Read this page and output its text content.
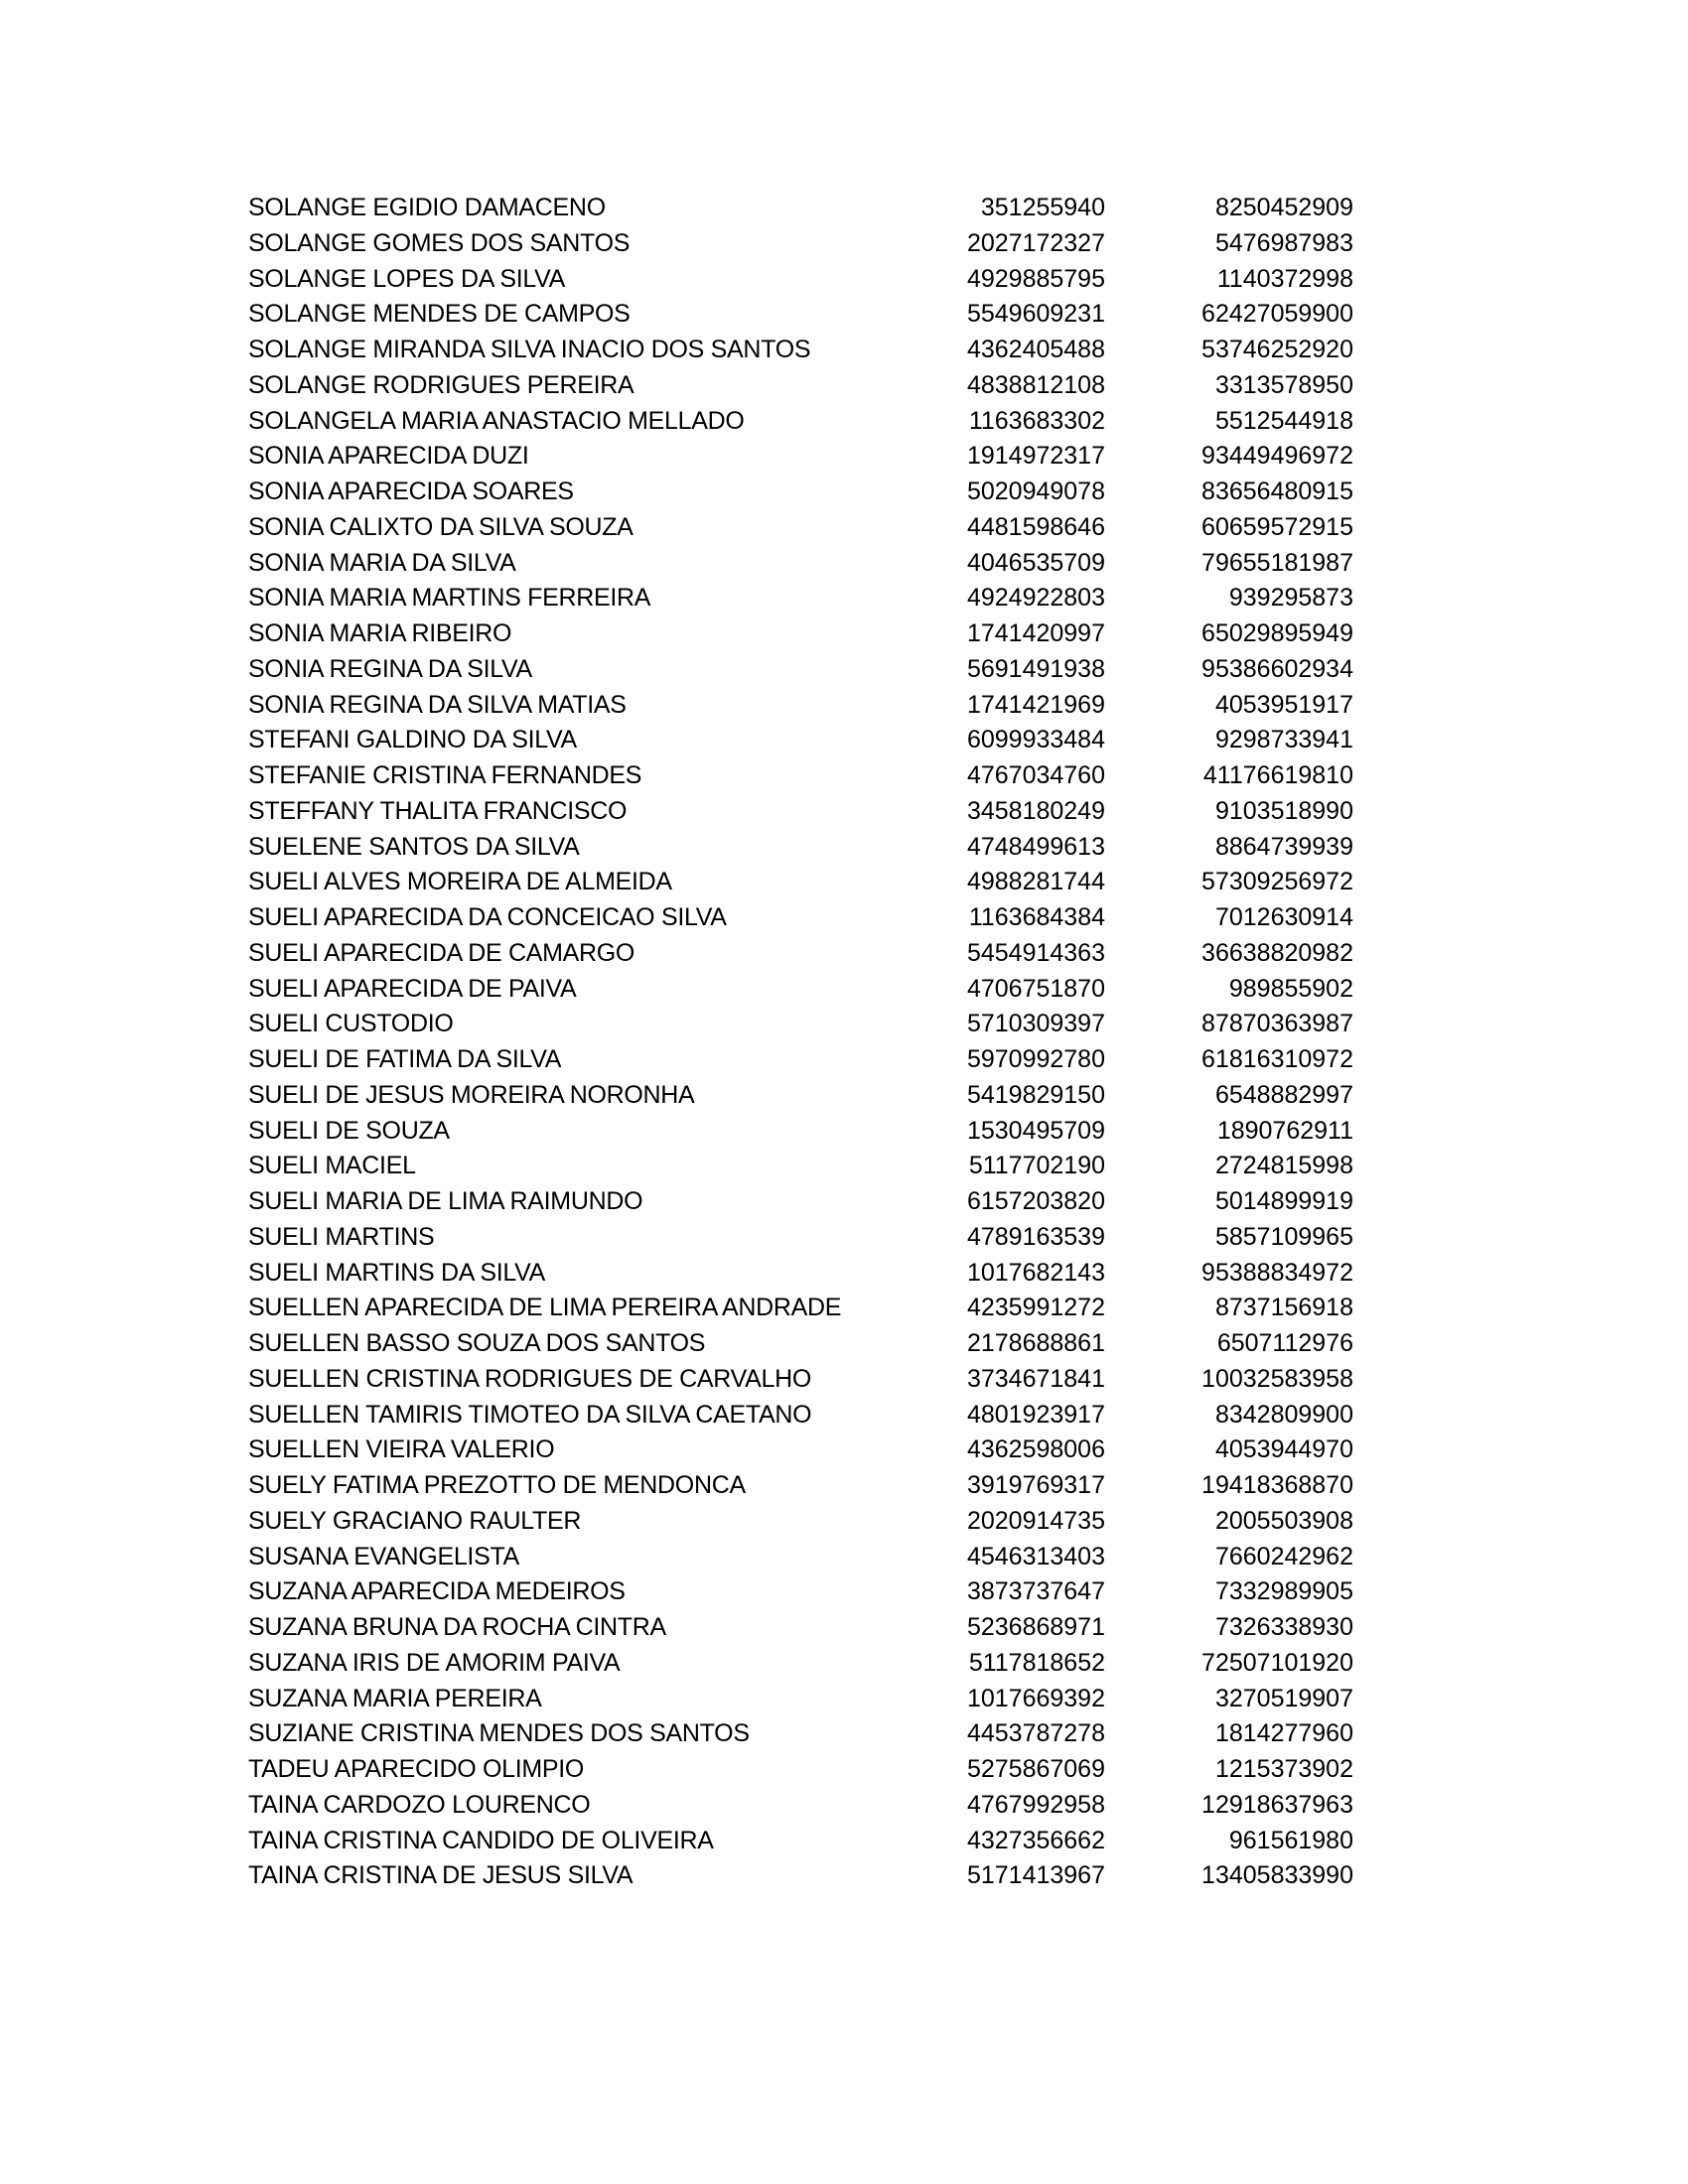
SOLANGE EGIDIO DAMACENO	351255940	8250452909
SOLANGE GOMES DOS SANTOS	2027172327	5476987983
SOLANGE LOPES DA SILVA	4929885795	1140372998
SOLANGE MENDES DE CAMPOS	5549609231	62427059900
SOLANGE MIRANDA SILVA INACIO DOS SANTOS	4362405488	53746252920
SOLANGE RODRIGUES PEREIRA	4838812108	3313578950
SOLANGELA MARIA ANASTACIO MELLADO	1163683302	5512544918
SONIA APARECIDA DUZI	1914972317	93449496972
SONIA APARECIDA SOARES	5020949078	83656480915
SONIA CALIXTO DA SILVA SOUZA	4481598646	60659572915
SONIA MARIA DA SILVA	4046535709	79655181987
SONIA MARIA MARTINS FERREIRA	4924922803	939295873
SONIA MARIA RIBEIRO	1741420997	65029895949
SONIA REGINA DA SILVA	5691491938	95386602934
SONIA REGINA DA SILVA MATIAS	1741421969	4053951917
STEFANI GALDINO DA SILVA	6099933484	9298733941
STEFANIE CRISTINA FERNANDES	4767034760	41176619810
STEFFANY THALITA FRANCISCO	3458180249	9103518990
SUELENE SANTOS DA SILVA	4748499613	8864739939
SUELI ALVES MOREIRA DE ALMEIDA	4988281744	57309256972
SUELI APARECIDA DA CONCEICAO SILVA	1163684384	7012630914
SUELI APARECIDA DE CAMARGO	5454914363	36638820982
SUELI APARECIDA DE PAIVA	4706751870	989855902
SUELI CUSTODIO	5710309397	87870363987
SUELI DE FATIMA DA SILVA	5970992780	61816310972
SUELI DE JESUS MOREIRA NORONHA	5419829150	6548882997
SUELI DE SOUZA	1530495709	1890762911
SUELI MACIEL	5117702190	2724815998
SUELI MARIA DE LIMA RAIMUNDO	6157203820	5014899919
SUELI MARTINS	4789163539	5857109965
SUELI MARTINS DA SILVA	1017682143	95388834972
SUELLEN APARECIDA DE LIMA PEREIRA ANDRADE	4235991272	8737156918
SUELLEN BASSO SOUZA DOS SANTOS	2178688861	6507112976
SUELLEN CRISTINA RODRIGUES DE CARVALHO	3734671841	10032583958
SUELLEN TAMIRIS TIMOTEO DA SILVA CAETANO	4801923917	8342809900
SUELLEN VIEIRA VALERIO	4362598006	4053944970
SUELY FATIMA PREZOTTO DE MENDONCA	3919769317	19418368870
SUELY GRACIANO RAULTER	2020914735	2005503908
SUSANA EVANGELISTA	4546313403	7660242962
SUZANA APARECIDA MEDEIROS	3873737647	7332989905
SUZANA BRUNA DA ROCHA CINTRA	5236868971	7326338930
SUZANA IRIS DE AMORIM PAIVA	5117818652	72507101920
SUZANA MARIA PEREIRA	1017669392	3270519907
SUZIANE CRISTINA MENDES DOS SANTOS	4453787278	1814277960
TADEU APARECIDO OLIMPIO	5275867069	1215373902
TAINA CARDOZO LOURENCO	4767992958	12918637963
TAINA CRISTINA CANDIDO DE OLIVEIRA	4327356662	961561980
TAINA CRISTINA DE JESUS SILVA	5171413967	13405833990
